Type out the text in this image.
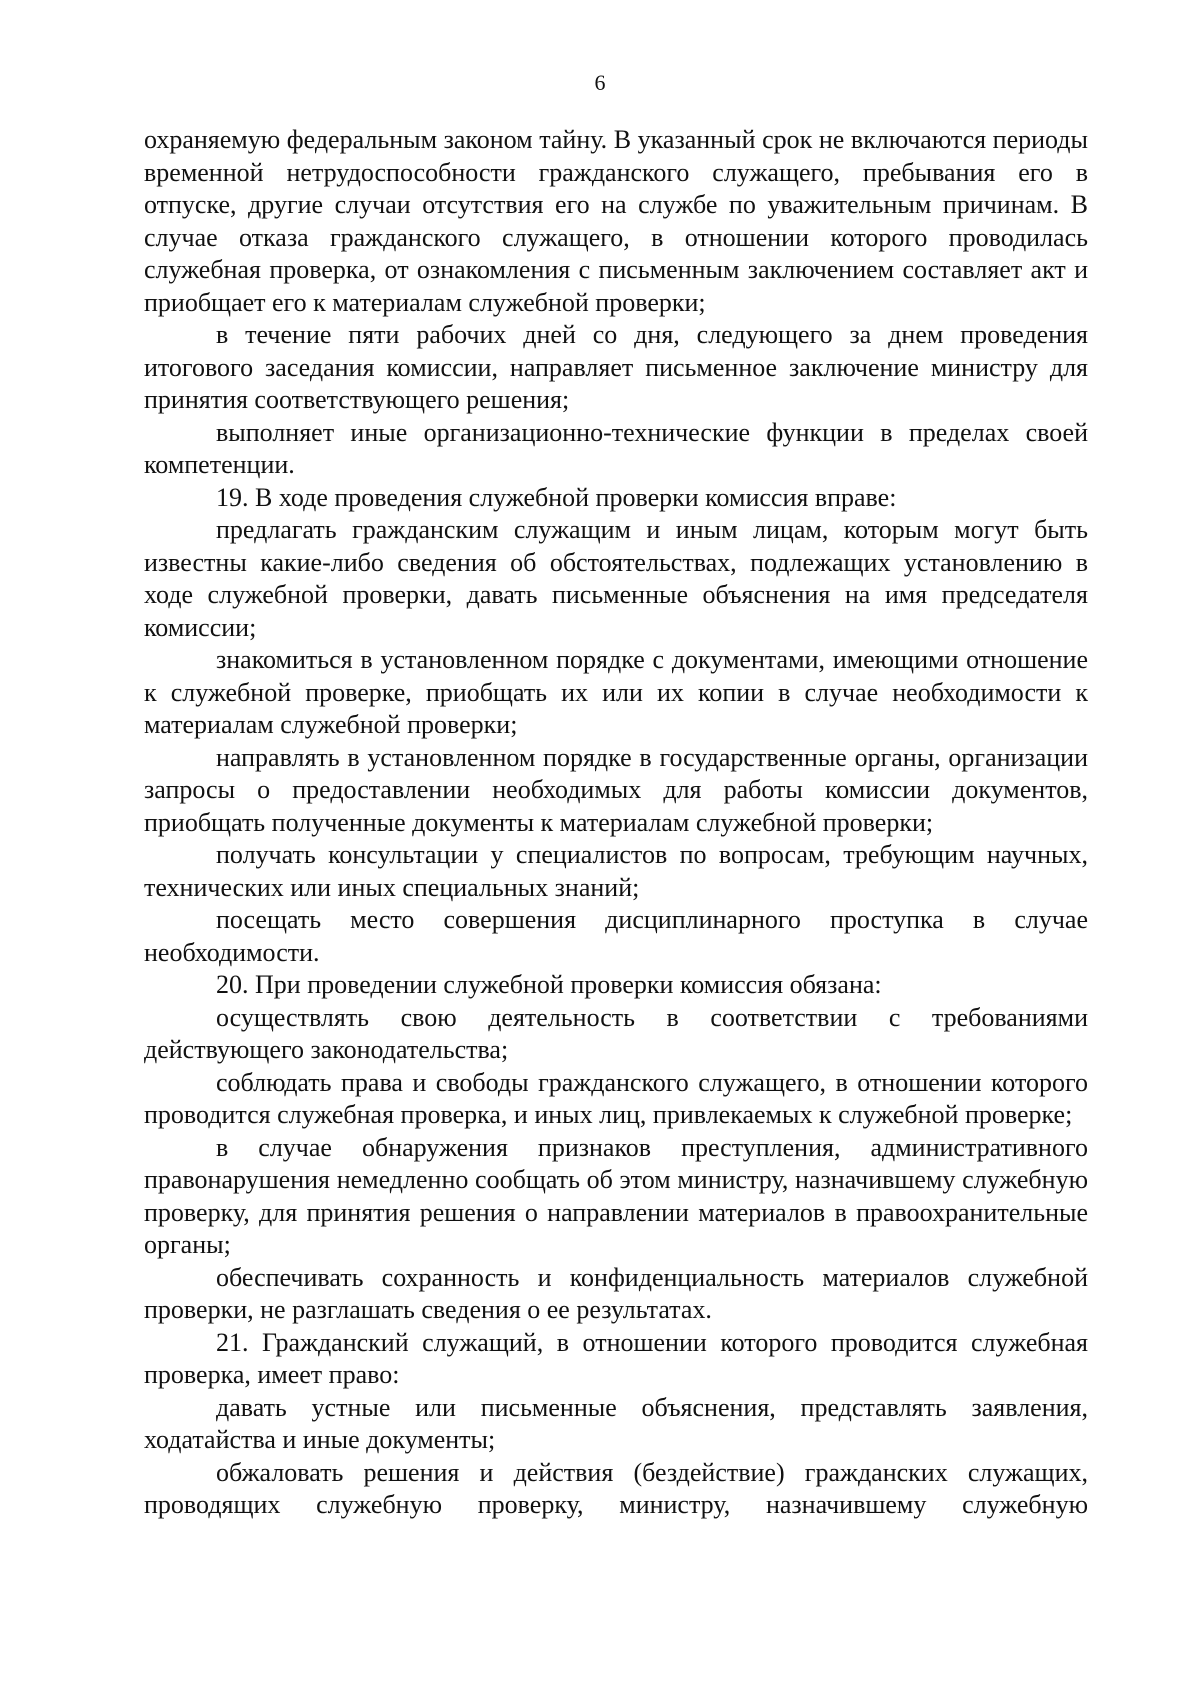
6

охраняемую федеральным законом тайну. В указанный срок не включаются периоды временной нетрудоспособности гражданского служащего, пребывания его в отпуске, другие случаи отсутствия его на службе по уважительным причинам. В случае отказа гражданского служащего, в отношении которого проводилась служебная проверка, от ознакомления с письменным заключением составляет акт и приобщает его к материалам служебной проверки;

в течение пяти рабочих дней со дня, следующего за днем проведения итогового заседания комиссии, направляет письменное заключение министру для принятия соответствующего решения;

выполняет иные организационно-технические функции в пределах своей компетенции.

19. В ходе проведения служебной проверки комиссия вправе:

предлагать гражданским служащим и иным лицам, которым могут быть известны какие-либо сведения об обстоятельствах, подлежащих установлению в ходе служебной проверки, давать письменные объяснения на имя председателя комиссии;

знакомиться в установленном порядке с документами, имеющими отношение к служебной проверке, приобщать их или их копии в случае необходимости к материалам служебной проверки;

направлять в установленном порядке в государственные органы, организации запросы о предоставлении необходимых для работы комиссии документов, приобщать полученные документы к материалам служебной проверки;

получать консультации у специалистов по вопросам, требующим научных, технических или иных специальных знаний;

посещать место совершения дисциплинарного проступка в случае необходимости.

20. При проведении служебной проверки комиссия обязана:

осуществлять свою деятельность в соответствии с требованиями действующего законодательства;

соблюдать права и свободы гражданского служащего, в отношении которого проводится служебная проверка, и иных лиц, привлекаемых к служебной проверке;

в случае обнаружения признаков преступления, административного правонарушения немедленно сообщать об этом министру, назначившему служебную проверку, для принятия решения о направлении материалов в правоохранительные органы;

обеспечивать сохранность и конфиденциальность материалов служебной проверки, не разглашать сведения о ее результатах.

21. Гражданский служащий, в отношении которого проводится служебная проверка, имеет право:

давать устные или письменные объяснения, представлять заявления, ходатайства и иные документы;

обжаловать решения и действия (бездействие) гражданских служащих, проводящих служебную проверку, министру, назначившему служебную
